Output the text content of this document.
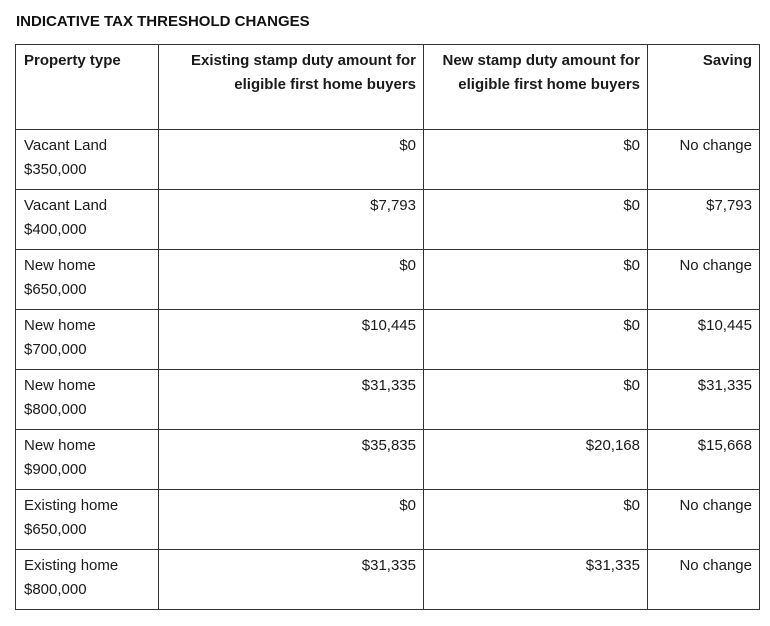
INDICATIVE TAX THRESHOLD CHANGES
Property type	Existing stamp duty amount for eligible first home buyers	New stamp duty amount for eligible first home buyers	Saving

Vacant Land
$350,000	$0	$0	No change

Vacant Land
$400,000	$7,793	$0	$7,793

New home
$650,000	$0	$0	No change

New home
$700,000	$10,445	$0	$10,445

New home
$800,000	$31,335	$0	$31,335

New home
$900,000	$35,835	$20,168	$15,668

Existing home
$650,000	$0	$0	No change

Existing home
$800,000	$31,335	$31,335	No change
